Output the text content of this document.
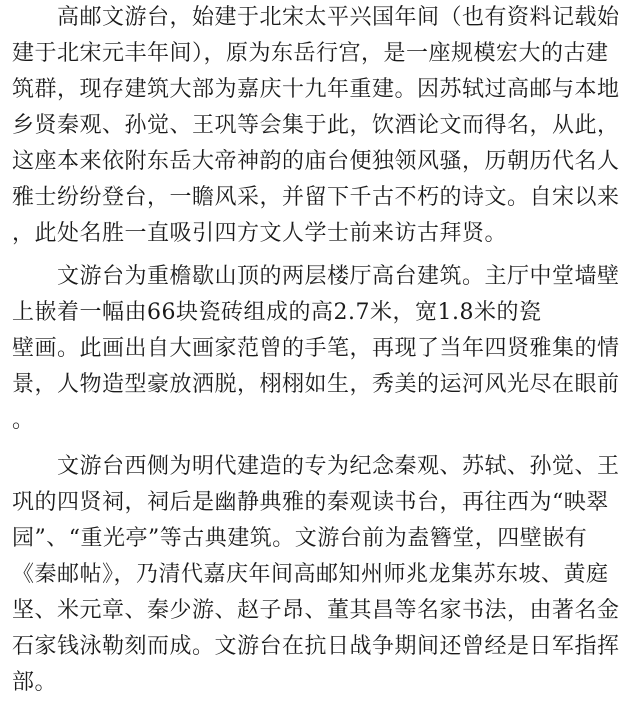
　　高邮文游台，始建于北宋太平兴国年间（也有资料记载始
建于北宋元丰年间），原为东岳行宫，是一座规模宏大的古建
筑群，现存建筑大部为嘉庆十九年重建。因苏轼过高邮与本地
乡贤秦观、孙觉、王巩等会集于此，饮酒论文而得名，从此，
这座本来依附东岳大帝神韵的庙台便独领风骚，历朝历代名人
雅士纷纷登台，一瞻风采，并留下千古不朽的诗文。自宋以来
，此处名胜一直吸引四方文人学士前来访古拜贤。
　　文游台为重檐歇山顶的两层楼厅高台建筑。主厅中堂墙壁
上嵌着一幅由66块瓷砖组成的高2.7米，宽1.8米的瓷
壁画。此画出自大画家范曾的手笔，再现了当年四贤雅集的情
景，人物造型豪放洒脱，栩栩如生，秀美的运河风光尽在眼前
。
　　文游台西侧为明代建造的专为纪念秦观、苏轼、孙觉、王
巩的四贤祠，祠后是幽静典雅的秦观读书台，再往西为“映翠
园”、“重光亭”等古典建筑。文游台前为盍簪堂，四壁嵌有
《秦邮帖》，乃清代嘉庆年间高邮知州师兆龙集苏东坡、黄庭
坚、米元章、秦少游、赵子昂、董其昌等名家书法，由著名金
石家钱泳勒刻而成。文游台在抗日战争期间还曾经是日军指挥
部。
